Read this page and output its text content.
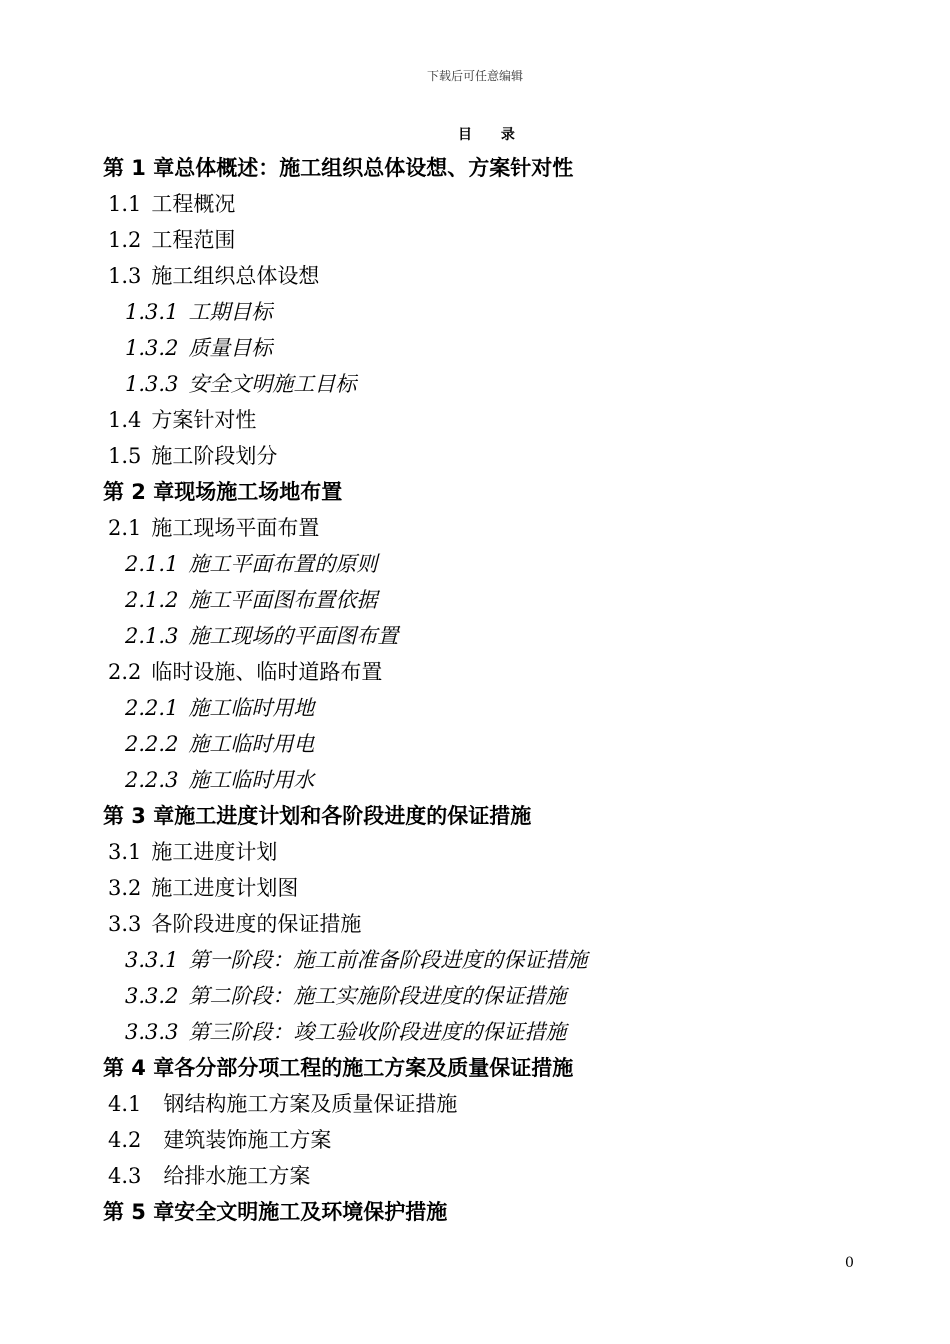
下载后可任意编辑
目 录
第 1 章总体概述：施工组织总体设想、方案针对性
1.1 工程概况
1.2 工程范围
1.3 施工组织总体设想
1.3.1 工期目标
1.3.2 质量目标
1.3.3 安全文明施工目标
1.4 方案针对性
1.5 施工阶段划分
第 2 章现场施工场地布置
2.1 施工现场平面布置
2.1.1 施工平面布置的原则
2.1.2 施工平面图布置依据
2.1.3 施工现场的平面图布置
2.2 临时设施、临时道路布置
2.2.1 施工临时用地
2.2.2 施工临时用电
2.2.3 施工临时用水
第 3 章施工进度计划和各阶段进度的保证措施
3.1 施工进度计划
3.2 施工进度计划图
3.3 各阶段进度的保证措施
3.3.1 第一阶段：施工前准备阶段进度的保证措施
3.3.2 第二阶段：施工实施阶段进度的保证措施
3.3.3 第三阶段：竣工验收阶段进度的保证措施
第 4 章各分部分项工程的施工方案及质量保证措施
4.1 钢结构施工方案及质量保证措施
4.2 建筑装饰施工方案
4.3 给排水施工方案
第 5 章安全文明施工及环境保护措施
0
